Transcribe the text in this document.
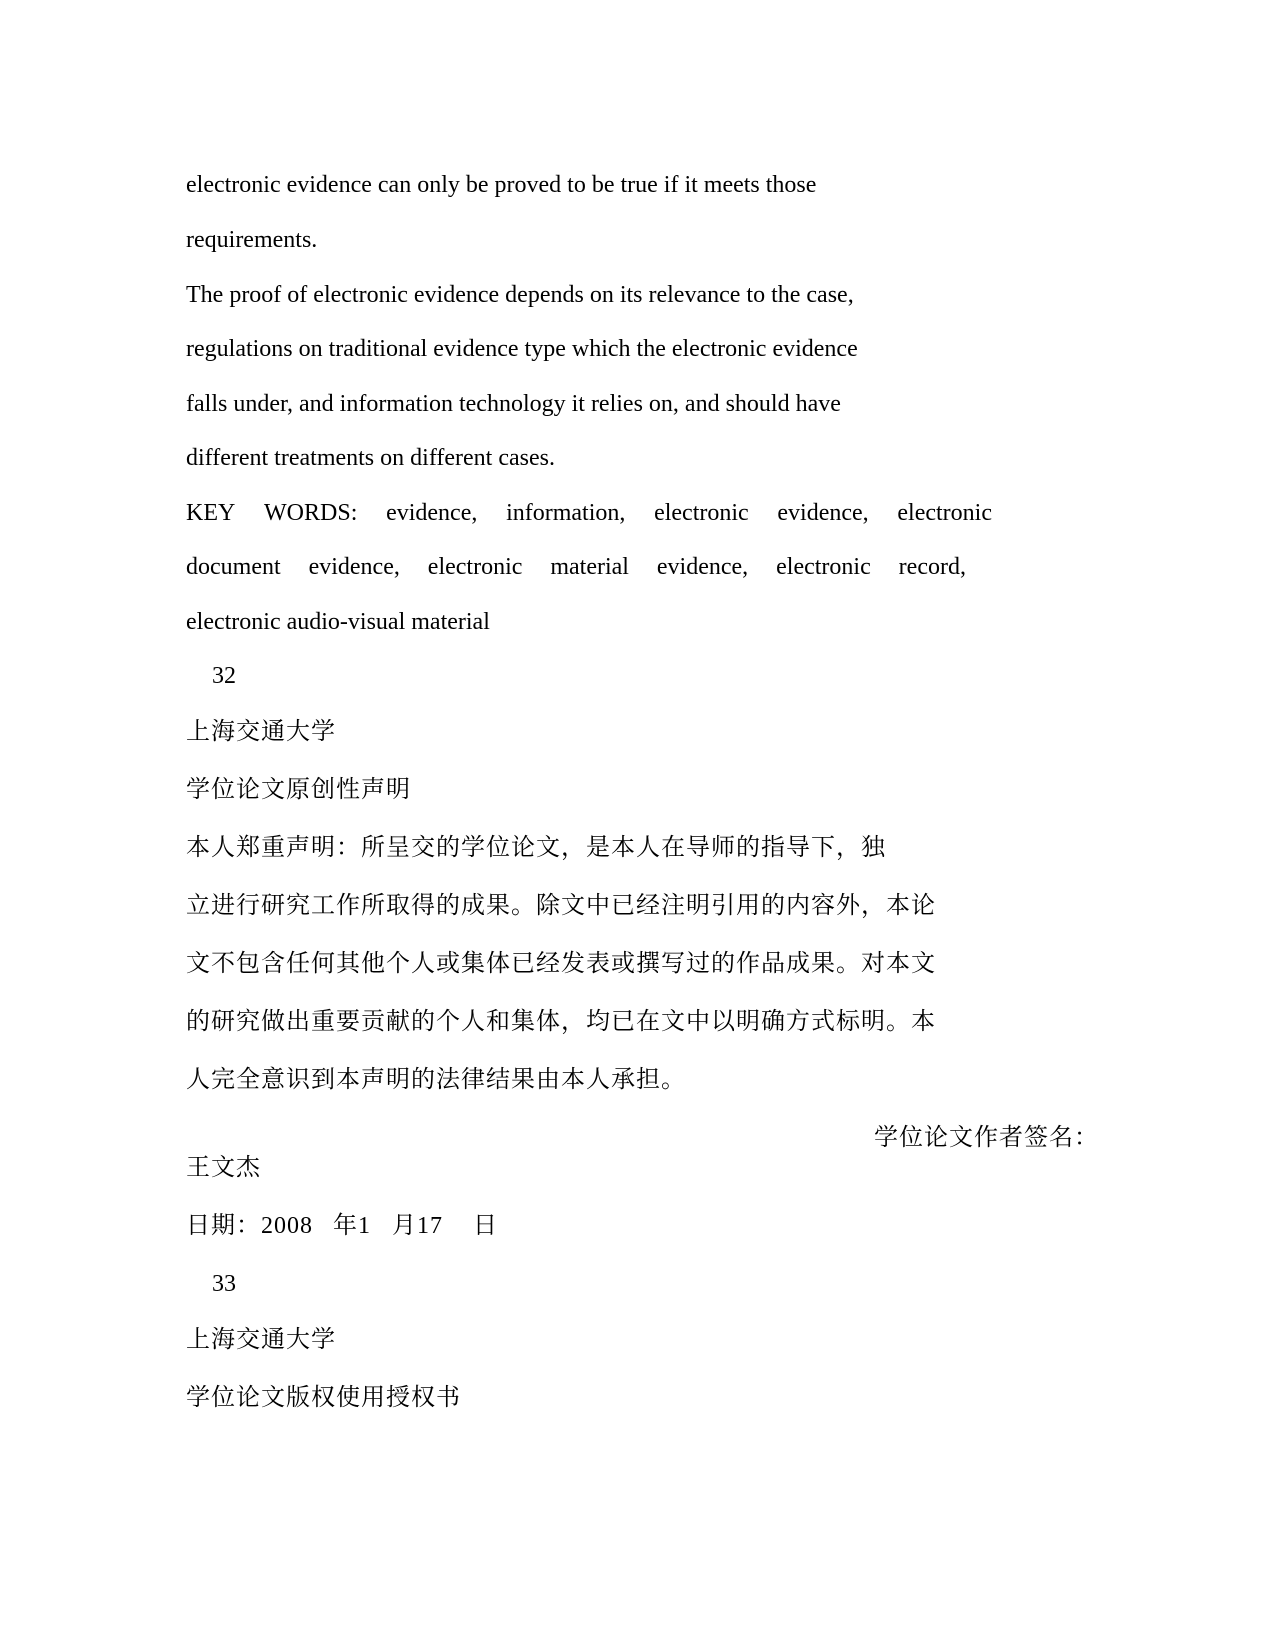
electronic evidence can only be proved to be true if it meets those
requirements.
The proof of electronic evidence depends on its relevance to the case,
regulations on traditional evidence type which the electronic evidence
falls under, and information technology it relies on, and should have
different treatments on different cases.
KEY WORDS: evidence, information, electronic evidence, electronic
document evidence, electronic material evidence, electronic record,
electronic audio-visual material
32
上海交通大学
学位论文原创性声明
本人郑重声明：所呈交的学位论文，是本人在导师的指导下，独
立进行研究工作所取得的成果。除文中已经注明引用的内容外，本论
文不包含任何其他个人或集体已经发表或撰写过的作品成果。对本文
的研究做出重要贡献的个人和集体，均已在文中以明确方式标明。本
人完全意识到本声明的法律结果由本人承担。
学位论文作者签名：
王文杰
日期：2008 年1 月17 日
33
上海交通大学
学位论文版权使用授权书
